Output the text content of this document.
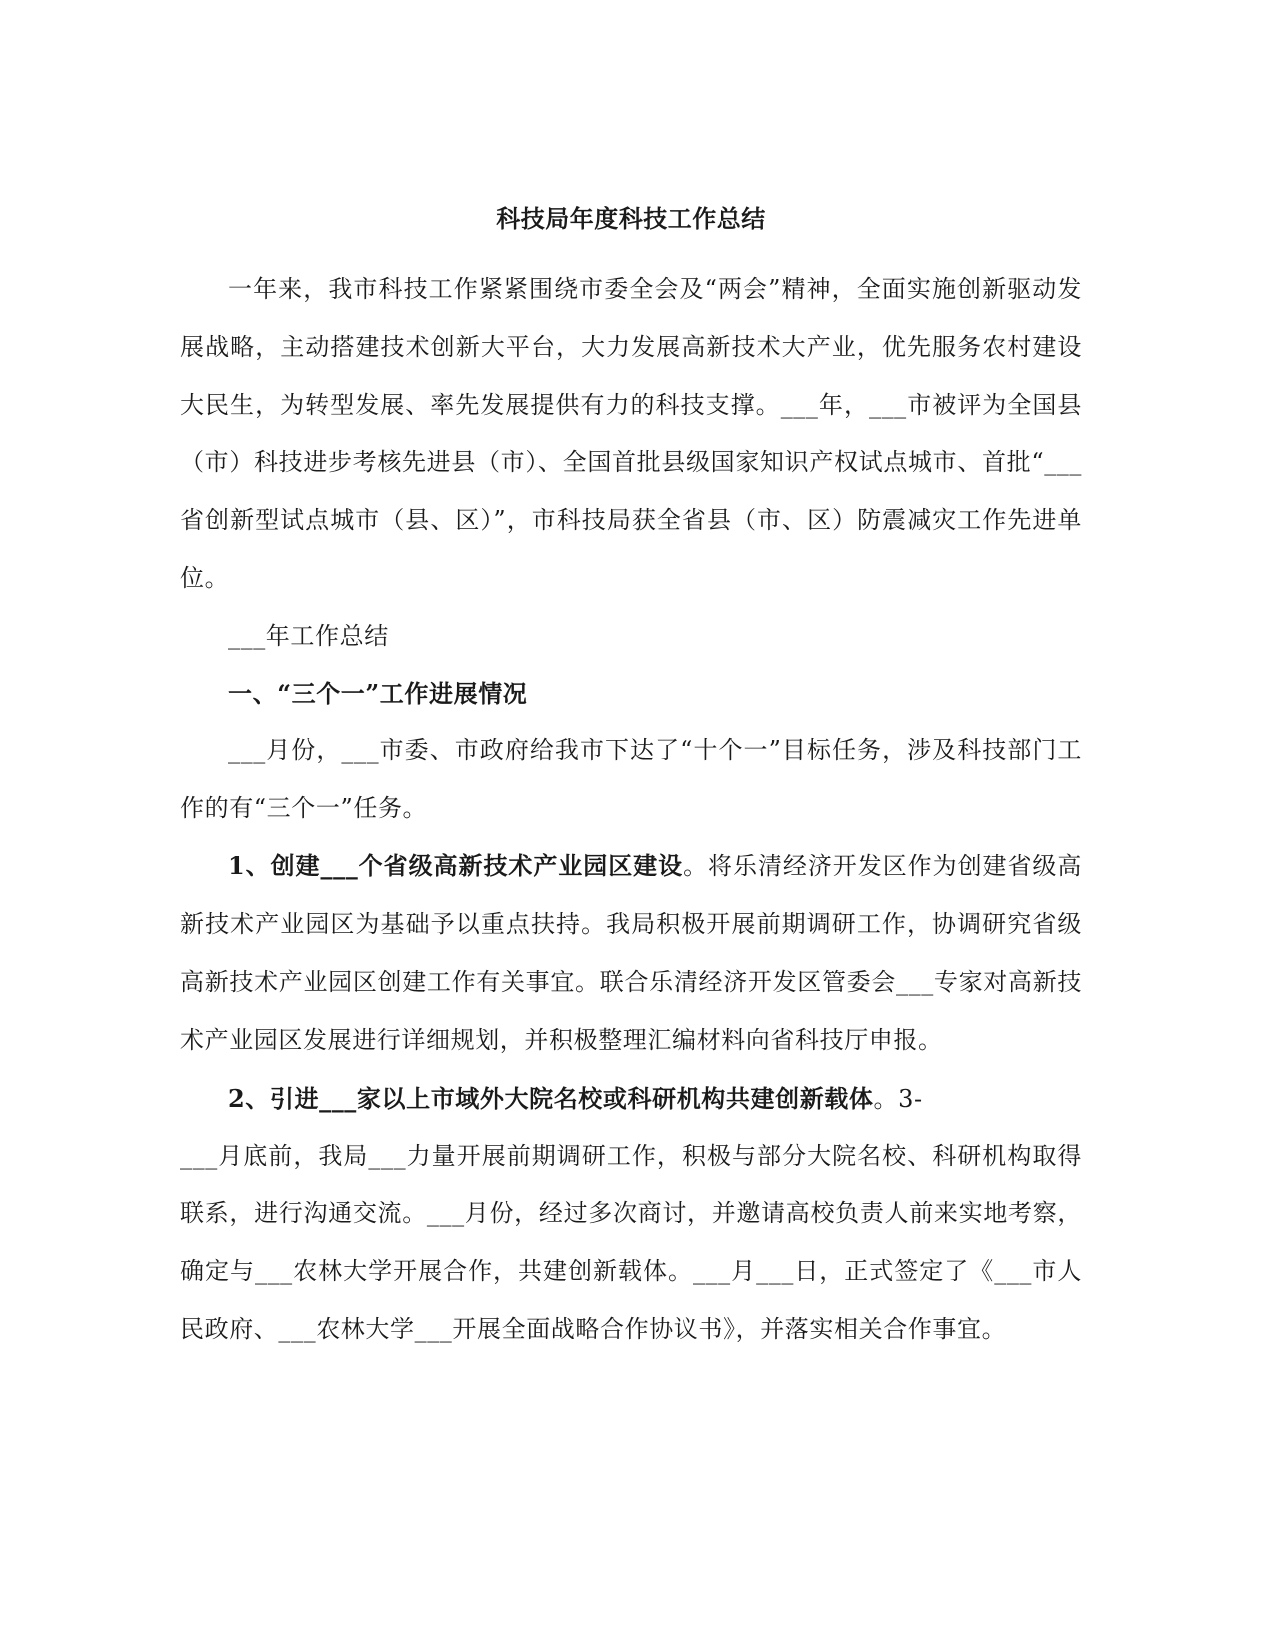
科技局年度科技工作总结

一年来，我市科技工作紧紧围绕市委全会及“两会”精神，全面实施创新驱动发展战略，主动搭建技术创新大平台，大力发展高新技术大产业，优先服务农村建设大民生，为转型发展、率先发展提供有力的科技支撑。___年，___市被评为全国县（市）科技进步考核先进县（市）、全国首批县级国家知识产权试点城市、首批“___省创新型试点城市（县、区）”，市科技局获全省县（市、区）防震减灾工作先进单位。

___年工作总结

一、“三个一”工作进展情况

___月份，___市委、市政府给我市下达了“十个一”目标任务，涉及科技部门工作的有“三个一”任务。

1、创建___个省级高新技术产业园区建设。将乐清经济开发区作为创建省级高新技术产业园区为基础予以重点扶持。我局积极开展前期调研工作，协调研究省级高新技术产业园区创建工作有关事宜。联合乐清经济开发区管委会___专家对高新技术产业园区发展进行详细规划，并积极整理汇编材料向省科技厅申报。

2、引进___家以上市域外大院名校或科研机构共建创新载体。3-

___月底前，我局___力量开展前期调研工作，积极与部分大院名校、科研机构取得联系，进行沟通交流。___月份，经过多次商讨，并邀请高校负责人前来实地考察，确定与___农林大学开展合作，共建创新载体。___月___日，正式签定了《___市人民政府、___农林大学___开展全面战略合作协议书》，并落实相关合作事宜。
